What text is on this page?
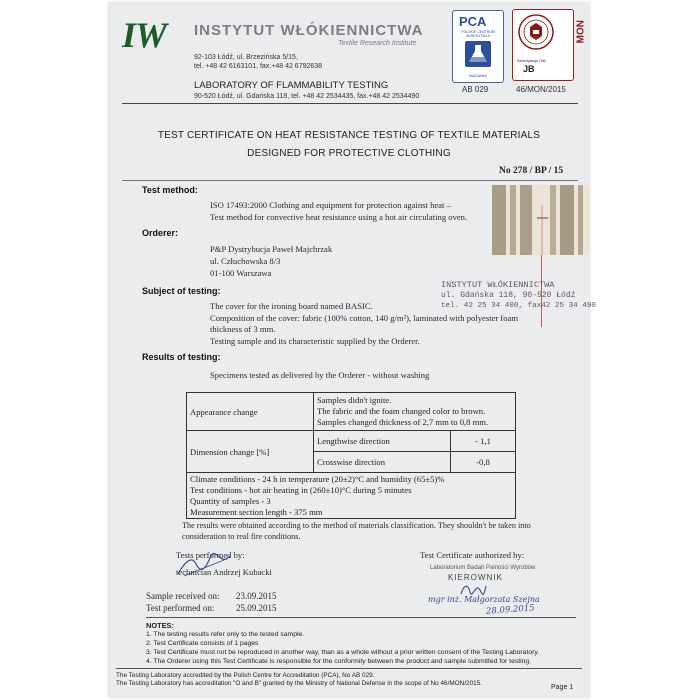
IW INSTYTUT WŁÓKIENNICTWA
Textile Research Institute
92-103 Łódź, ul. Brzezińska 5/15,
tel. +48 42 6163101, fax.+48 42 6792638
LABORATORY OF FLAMMABILITY TESTING
90-520 Łódź, ul. Gdańska 118, tel. +48 42 2534435, fax.+48 42 2534490
PCA
POLSKIE CENTRUM AKREDYTACJI
BADANIA
AB 029
MON
Akredytacja OiB
JB
46/MON/2015
TEST CERTIFICATE ON HEAT RESISTANCE TESTING OF TEXTILE MATERIALS
DESIGNED FOR PROTECTIVE CLOTHING
No 278 / BP / 15
Test method:
ISO 17493:2000 Clothing and equipment for protection against heat –
Test method for convective heat resistance using a hot air circulating oven.
Orderer:
P&P Dystrybucja Paweł Majchrzak
ul. Człuchowska 8/3
01-100 Warszawa
INSTYTUT WŁÓKIENNICTWA
ul. Gdańska 118, 90-520 Łódź
tel. 42 25 34 400, fax42 25 34 490
Subject of testing:
The cover for the ironing board named BASIC.
Composition of the cover: fabric (100% cotton, 140 g/m²), laminated with polyester foam
thickness of 3 mm.
Testing sample and its characteristic supplied by the Orderer.
Results of testing:
Specimens tested as delivered by the Orderer - without washing
Appearance change	Samples didn't ignite.
The fabric and the foam changed color to brown.
Samples changed thickness of 2,7 mm to 0,8 mm.	

Dimension change [%]	Lengthwise direction	- 1,1
	Crosswise direction	-0,8

Climate conditions - 24 h in temperature (20±2)°C and humidity (65±5)%
Test conditions - hot air heating in (260±10)°C during 5 minutes
Quantity of samples - 3
Measurement section length - 375 mm		
The results were obtained according to the method of materials classification. They shouldn't be taken into
consideration to real fire conditions.
Tests performed by:
technician Andrzej Kubacki
Test Certificate authorized by:
Laboratorium Badań Palności Wyrobów
KIEROWNIK
mgr inż. Małgorzata Szejna
28.09.2015
Sample received on: 23.09.2015
Test performed on: 25.09.2015
NOTES:
1. The testing results refer only to the tested sample.
2. Test Certificate consists of 1 pages
3. Test Certificate must not be reproduced in another way, than as a whole without a prior written consent of the Testing Laboratory.
4. The Orderer using this Test Certificate is responsible for the conformity between the product and sample submitted for testing.
The Testing Laboratory accredited by the Polish Centre for Accreditation (PCA), No AB 029.
The Testing Laboratory has accreditation "O and B" granted by the Ministry of National Defense in the scope of No 46/MON/2015.
Page 1
